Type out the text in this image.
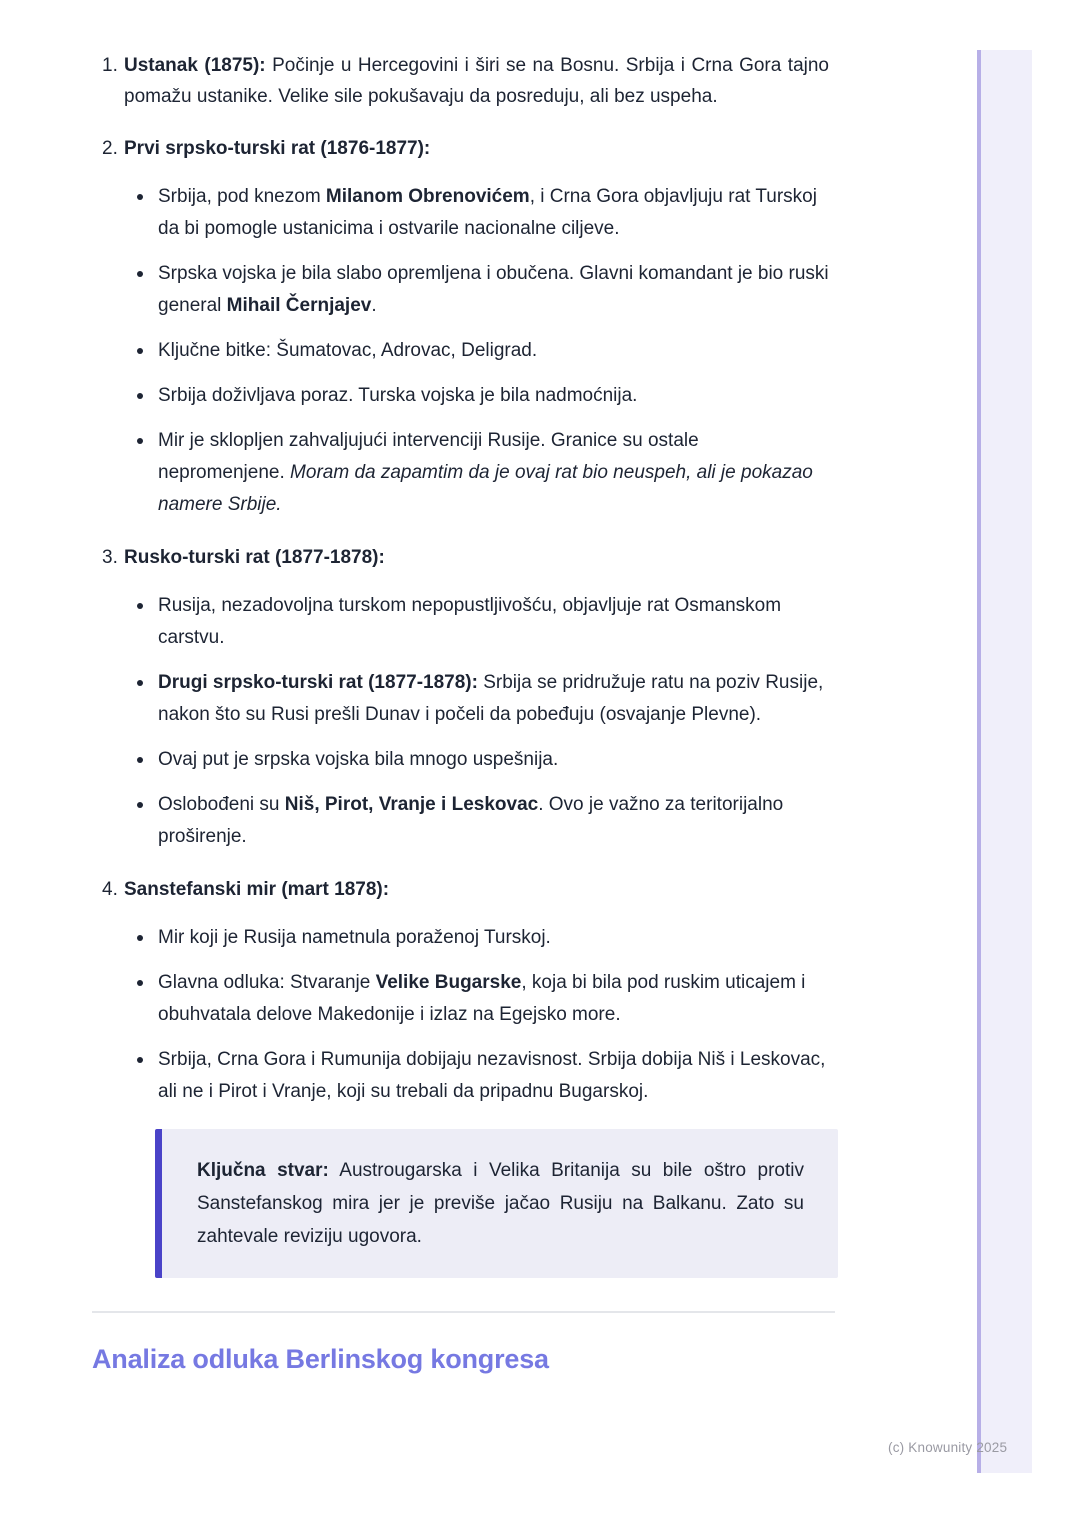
1. Ustanak (1875): Počinje u Hercegovini i širi se na Bosnu. Srbija i Crna Gora tajno pomažu ustanike. Velike sile pokušavaju da posreduju, ali bez uspeha.

2. Prvi srpsko-turski rat (1876-1877):

Srbija, pod knezom Milanom Obrenovićem, i Crna Gora objavljuju rat Turskoj da bi pomogle ustanicima i ostvarile nacionalne ciljeve.
Srpska vojska je bila slabo opremljena i obučena. Glavni komandant je bio ruski general Mihail Černjajev.
Ključne bitke: Šumatovac, Adrovac, Deligrad.
Srbija doživljava poraz. Turska vojska je bila nadmoćnija.
Mir je sklopljen zahvaljujući intervenciji Rusije. Granice su ostale nepromenjene. Moram da zapamtim da je ovaj rat bio neuspeh, ali je pokazao namere Srbije.
3. Rusko-turski rat (1877-1878):

Rusija, nezadovoljna turskom nepopustljivošću, objavljuje rat Osmanskom carstvu.
Drugi srpsko-turski rat (1877-1878): Srbija se pridružuje ratu na poziv Rusije, nakon što su Rusi prešli Dunav i počeli da pobeđuju (osvajanje Plevne).
Ovaj put je srpska vojska bila mnogo uspešnija.
Oslobođeni su Niš, Pirot, Vranje i Leskovac. Ovo je važno za teritorijalno proširenje.
4. Sanstefanski mir (mart 1878):

Mir koji je Rusija nametnula poraženoj Turskoj.
Glavna odluka: Stvaranje Velike Bugarske, koja bi bila pod ruskim uticajem i obuhvatala delove Makedonije i izlaz na Egejsko more.
Srbija, Crna Gora i Rumunija dobijaju nezavisnost. Srbija dobija Niš i Leskovac, ali ne i Pirot i Vranje, koji su trebali da pripadnu Bugarskoj.
Ključna stvar: Austrougarska i Velika Britanija su bile oštro protiv Sanstefanskog mira jer je previše jačao Rusiju na Balkanu. Zato su zahtevale reviziju ugovora.
Analiza odluka Berlinskog kongresa
(c) Knowunity 2025
